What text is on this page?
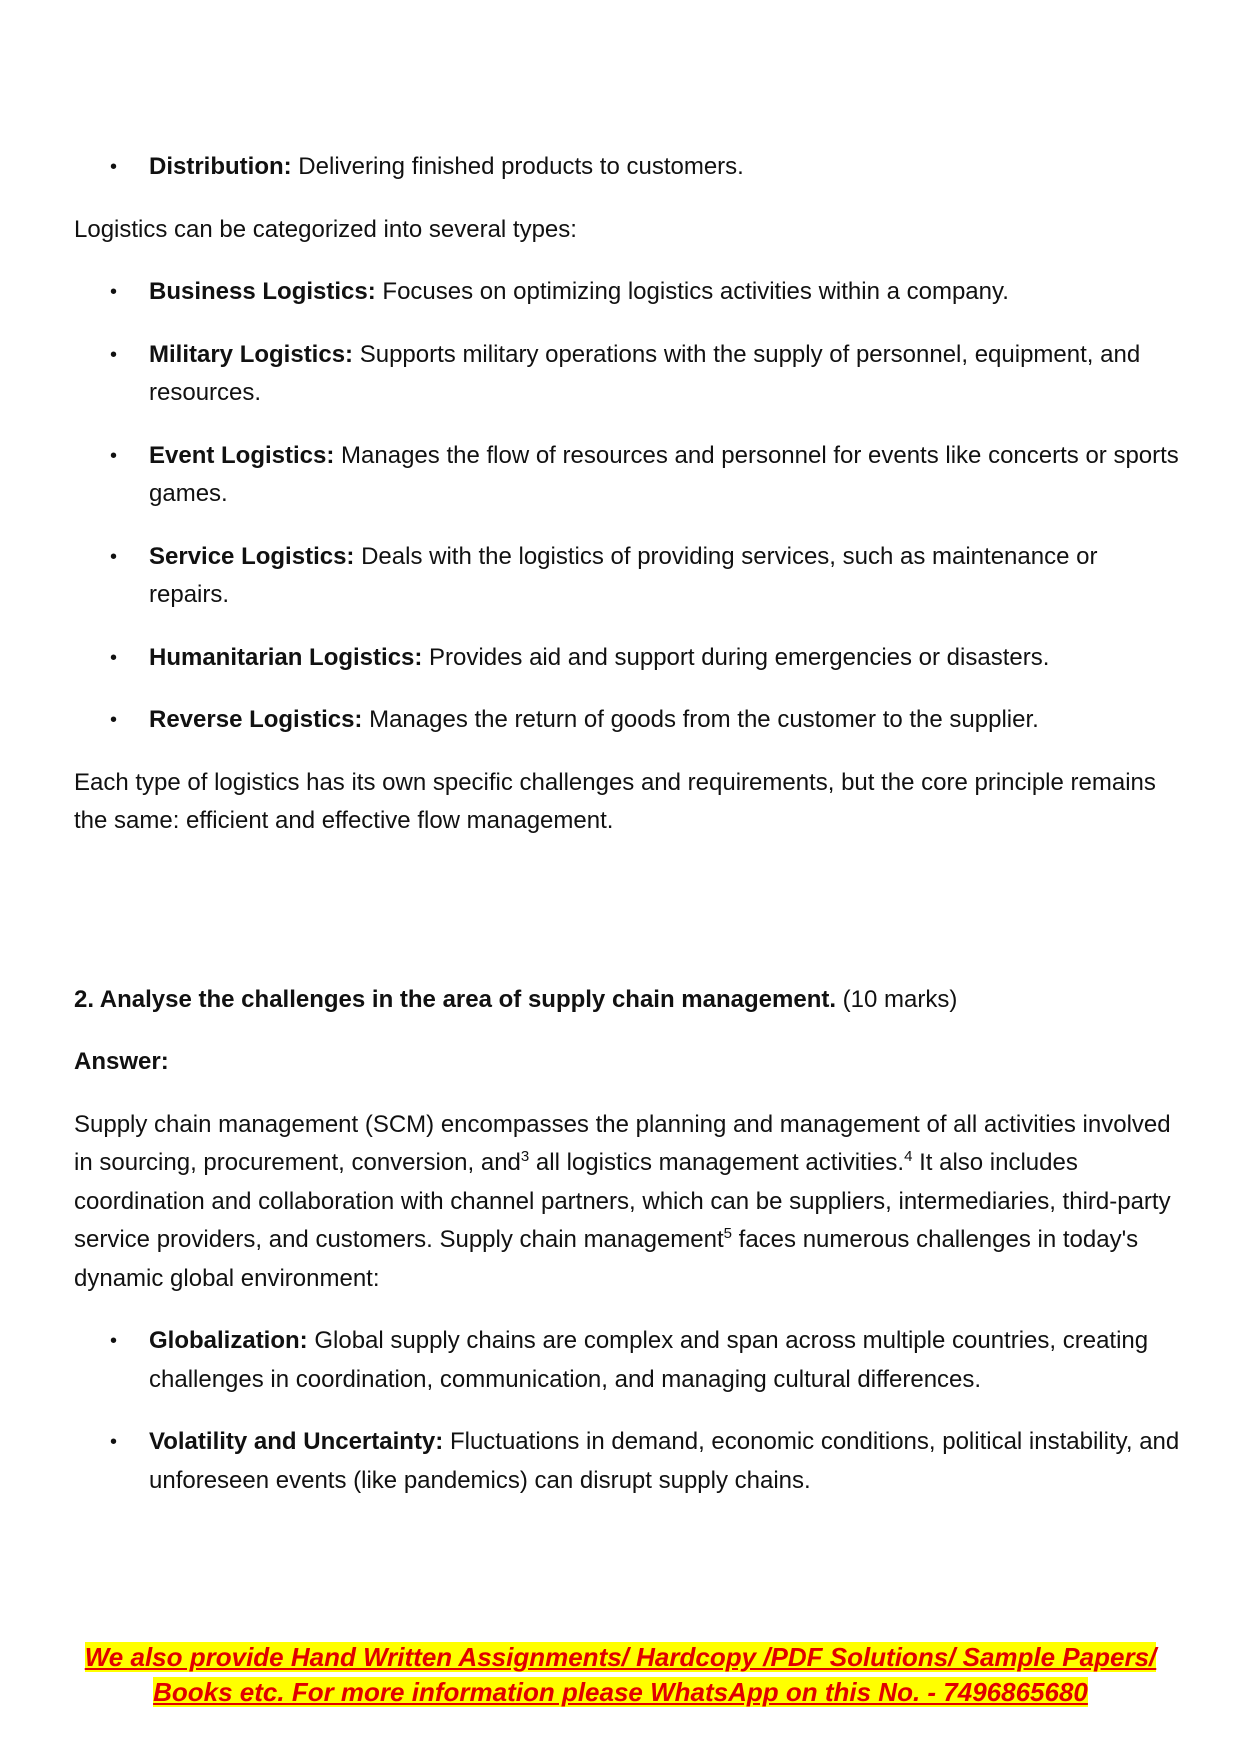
• Distribution: Delivering finished products to customers.

Logistics can be categorized into several types:

• Business Logistics: Focuses on optimizing logistics activities within a company.
• Military Logistics: Supports military operations with the supply of personnel, equipment, and resources.
• Event Logistics: Manages the flow of resources and personnel for events like concerts or sports games.
• Service Logistics: Deals with the logistics of providing services, such as maintenance or repairs.
• Humanitarian Logistics: Provides aid and support during emergencies or disasters.
• Reverse Logistics: Manages the return of goods from the customer to the supplier.

Each type of logistics has its own specific challenges and requirements, but the core principle remains the same: efficient and effective flow management.

2. Analyse the challenges in the area of supply chain management. (10 marks)

Answer:

Supply chain management (SCM) encompasses the planning and management of all activities involved in sourcing, procurement, conversion, and$^3$ all logistics management activities.$^4$ It also includes coordination and collaboration with channel partners, which can be suppliers, intermediaries, third-party service providers, and customers. Supply chain management$^5$ faces numerous challenges in today's dynamic global environment:

• Globalization: Global supply chains are complex and span across multiple countries, creating challenges in coordination, communication, and managing cultural differences.
• Volatility and Uncertainty: Fluctuations in demand, economic conditions, political instability, and unforeseen events (like pandemics) can disrupt supply chains.
We also provide Hand Written Assignments/ Hardcopy /PDF Solutions/ Sample Papers/
Books etc. For more information please WhatsApp on this No. - 7496865680
